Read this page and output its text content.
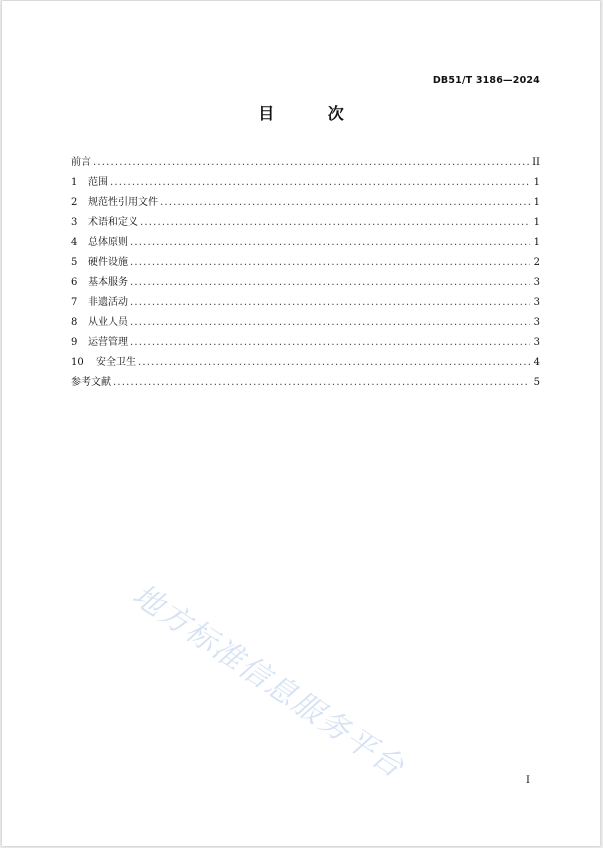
DB51/T 3186—2024
目 次
前言 .....	II
1	范围 .....	1
2	规范性引用文件 .....	1
3	术语和定义 .....	1
4	总体原则 .....	1
5	硬件设施 .....	2
6	基本服务 .....	3
7	非遗活动 .....	3
8	从业人员 .....	3
9	运营管理 .....	3
10	安全卫生 .....	4
参考文献 .....	5
地方标准信息服务平台	I
